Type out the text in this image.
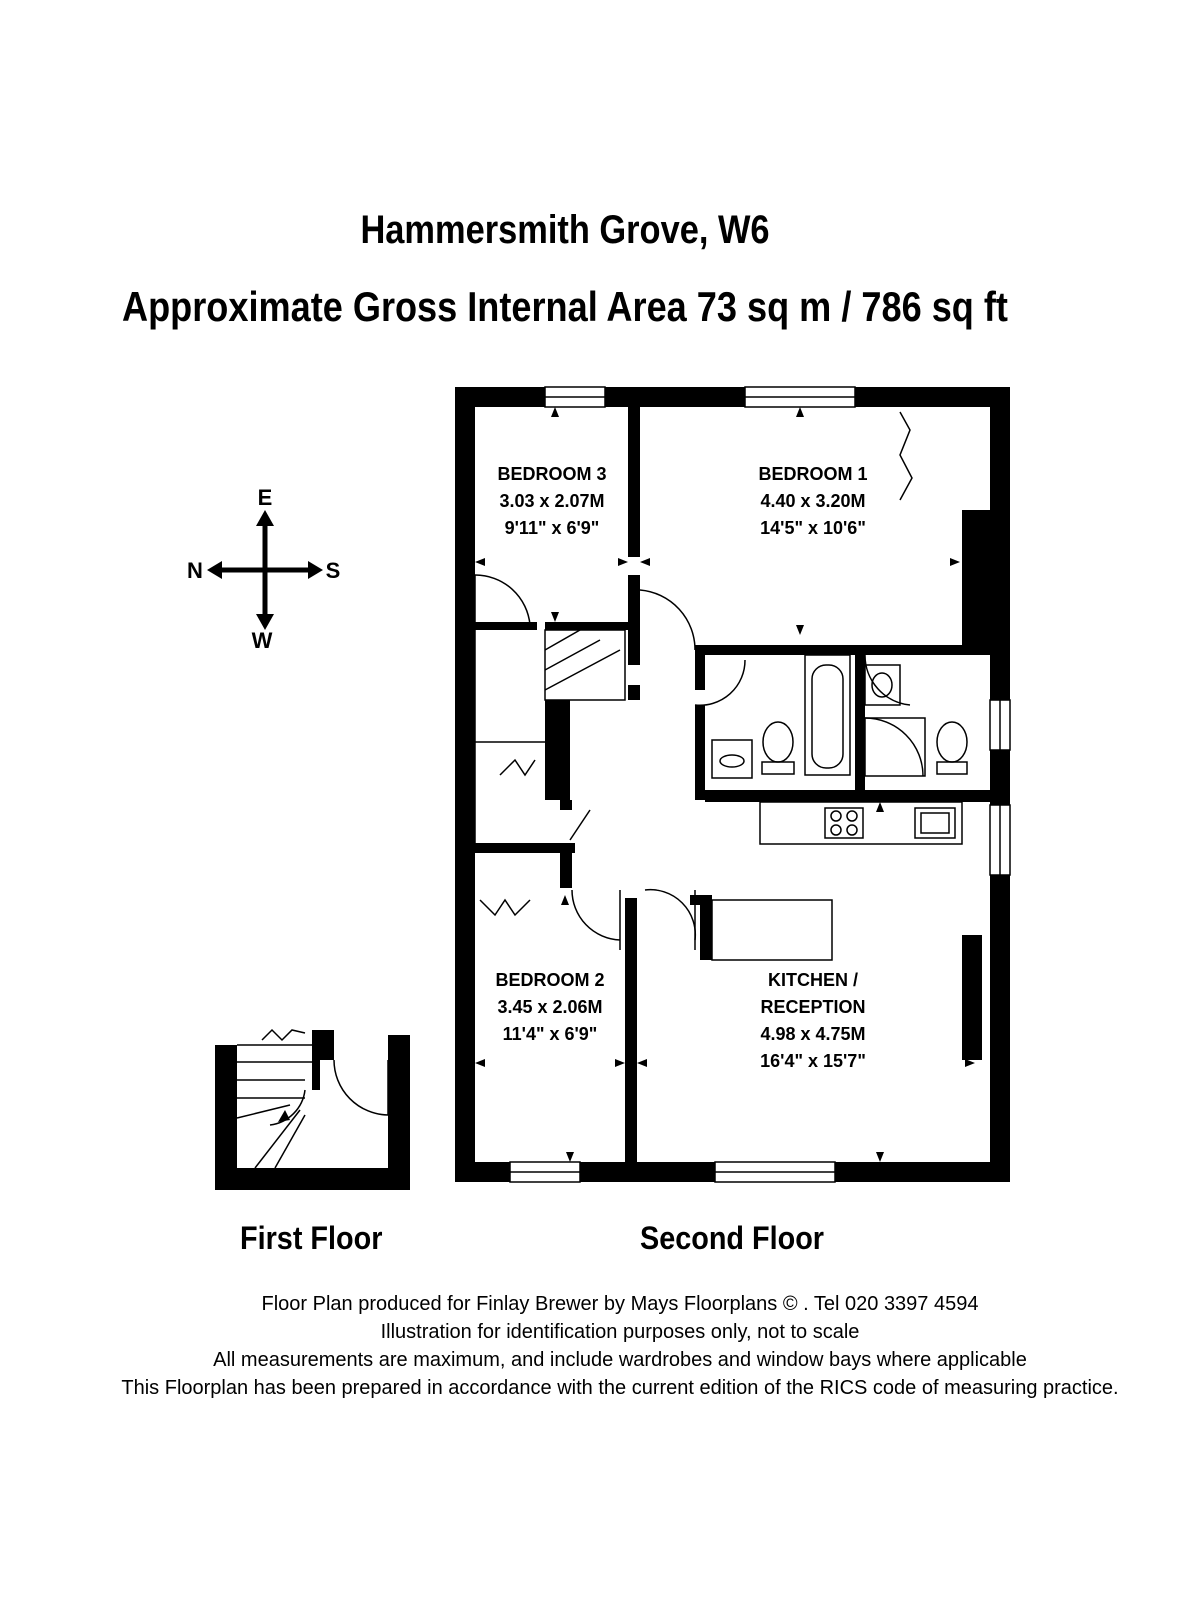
Hammersmith Grove, W6
Approximate Gross Internal Area 73 sq m / 786 sq ft
E
W
N	S
BEDROOM 3
3.03 x 2.07M
9'11" x 6'9"
BEDROOM 1
4.40 x 3.20M
14'5" x 10'6"
BEDROOM 2
3.45 x 2.06M
11'4" x 6'9"
KITCHEN /
RECEPTION
4.98 x 4.75M
16'4" x 15'7"
First Floor	Second Floor
Floor Plan produced for Finlay Brewer by Mays Floorplans © . Tel 020 3397 4594
Illustration for identification purposes only, not to scale
All measurements are maximum, and include wardrobes and window bays where applicable
This Floorplan has been prepared in accordance with the current edition of the RICS code of measuring practice.
